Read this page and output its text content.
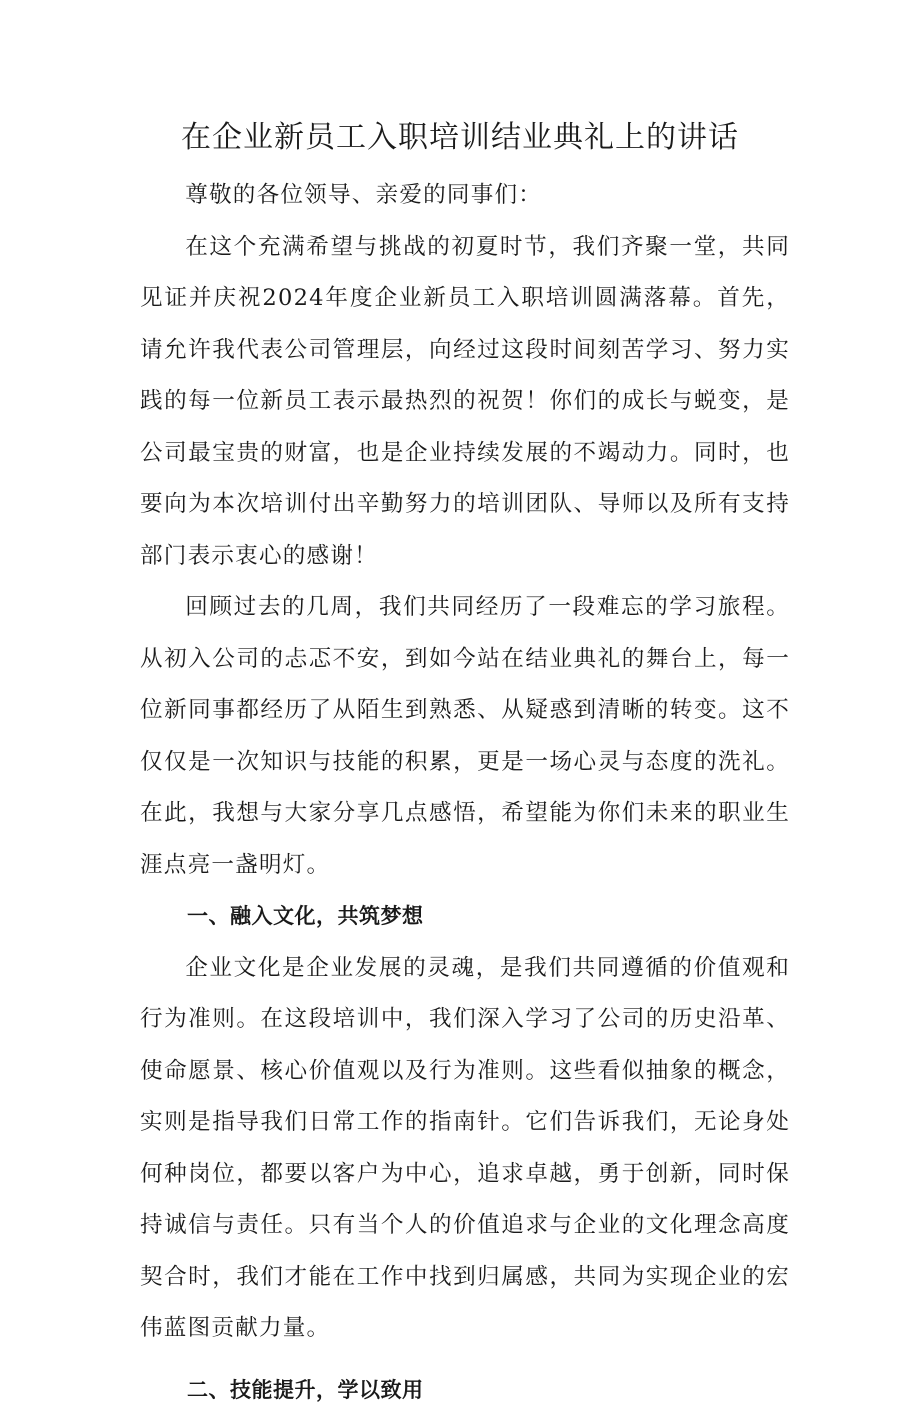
在企业新员工入职培训结业典礼上的讲话

尊敬的各位领导、亲爱的同事们：

在这个充满希望与挑战的初夏时节，我们齐聚一堂，共同见证并庆祝2024年度企业新员工入职培训圆满落幕。首先，请允许我代表公司管理层，向经过这段时间刻苦学习、努力实践的每一位新员工表示最热烈的祝贺！你们的成长与蜕变，是公司最宝贵的财富，也是企业持续发展的不竭动力。同时，也要向为本次培训付出辛勤努力的培训团队、导师以及所有支持部门表示衷心的感谢！

回顾过去的几周，我们共同经历了一段难忘的学习旅程。从初入公司的忐忑不安，到如今站在结业典礼的舞台上，每一位新同事都经历了从陌生到熟悉、从疑惑到清晰的转变。这不仅仅是一次知识与技能的积累，更是一场心灵与态度的洗礼。在此，我想与大家分享几点感悟，希望能为你们未来的职业生涯点亮一盏明灯。

一、融入文化，共筑梦想

企业文化是企业发展的灵魂，是我们共同遵循的价值观和行为准则。在这段培训中，我们深入学习了公司的历史沿革、使命愿景、核心价值观以及行为准则。这些看似抽象的概念，实则是指导我们日常工作的指南针。它们告诉我们，无论身处何种岗位，都要以客户为中心，追求卓越，勇于创新，同时保持诚信与责任。只有当个人的价值追求与企业的文化理念高度契合时，我们才能在工作中找到归属感，共同为实现企业的宏伟蓝图贡献力量。

二、技能提升，学以致用
